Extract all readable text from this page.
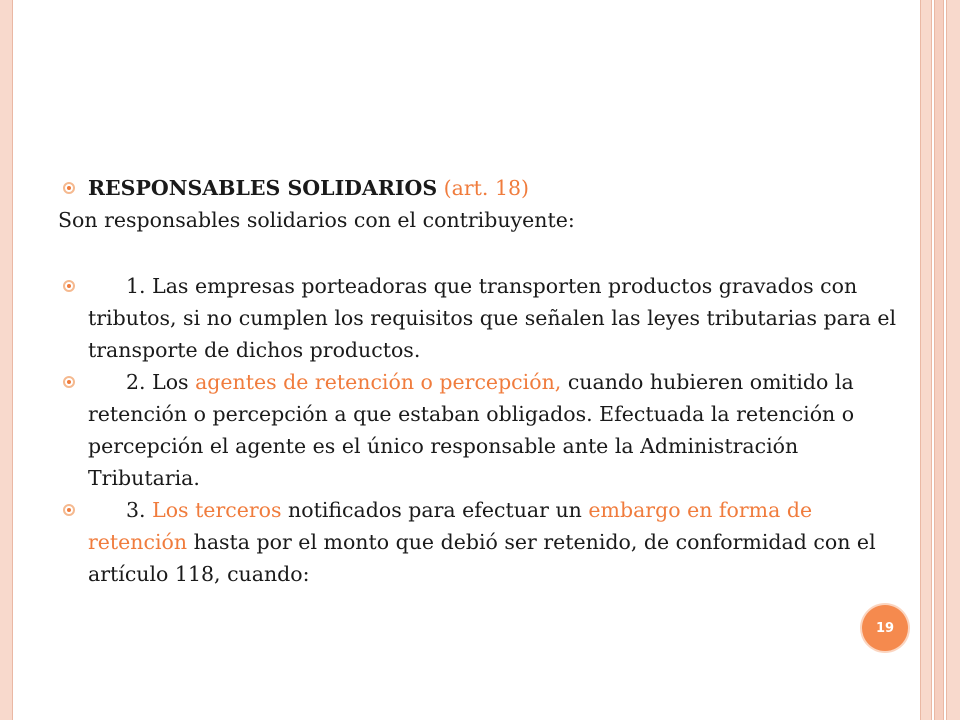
RESPONSABLES SOLIDARIOS (art. 18)
Son responsables solidarios con el contribuyente:
1. Las empresas porteadoras que transporten productos gravados con tributos, si no cumplen los requisitos que señalen las leyes tributarias para el transporte de dichos productos.
2. Los agentes de retención o percepción, cuando hubieren omitido la retención o percepción a que estaban obligados. Efectuada la retención o percepción el agente es el único responsable ante la Administración Tributaria.
3. Los terceros notificados para efectuar un embargo en forma de retención hasta por el monto que debió ser retenido, de conformidad con el artículo 118, cuando:
19
